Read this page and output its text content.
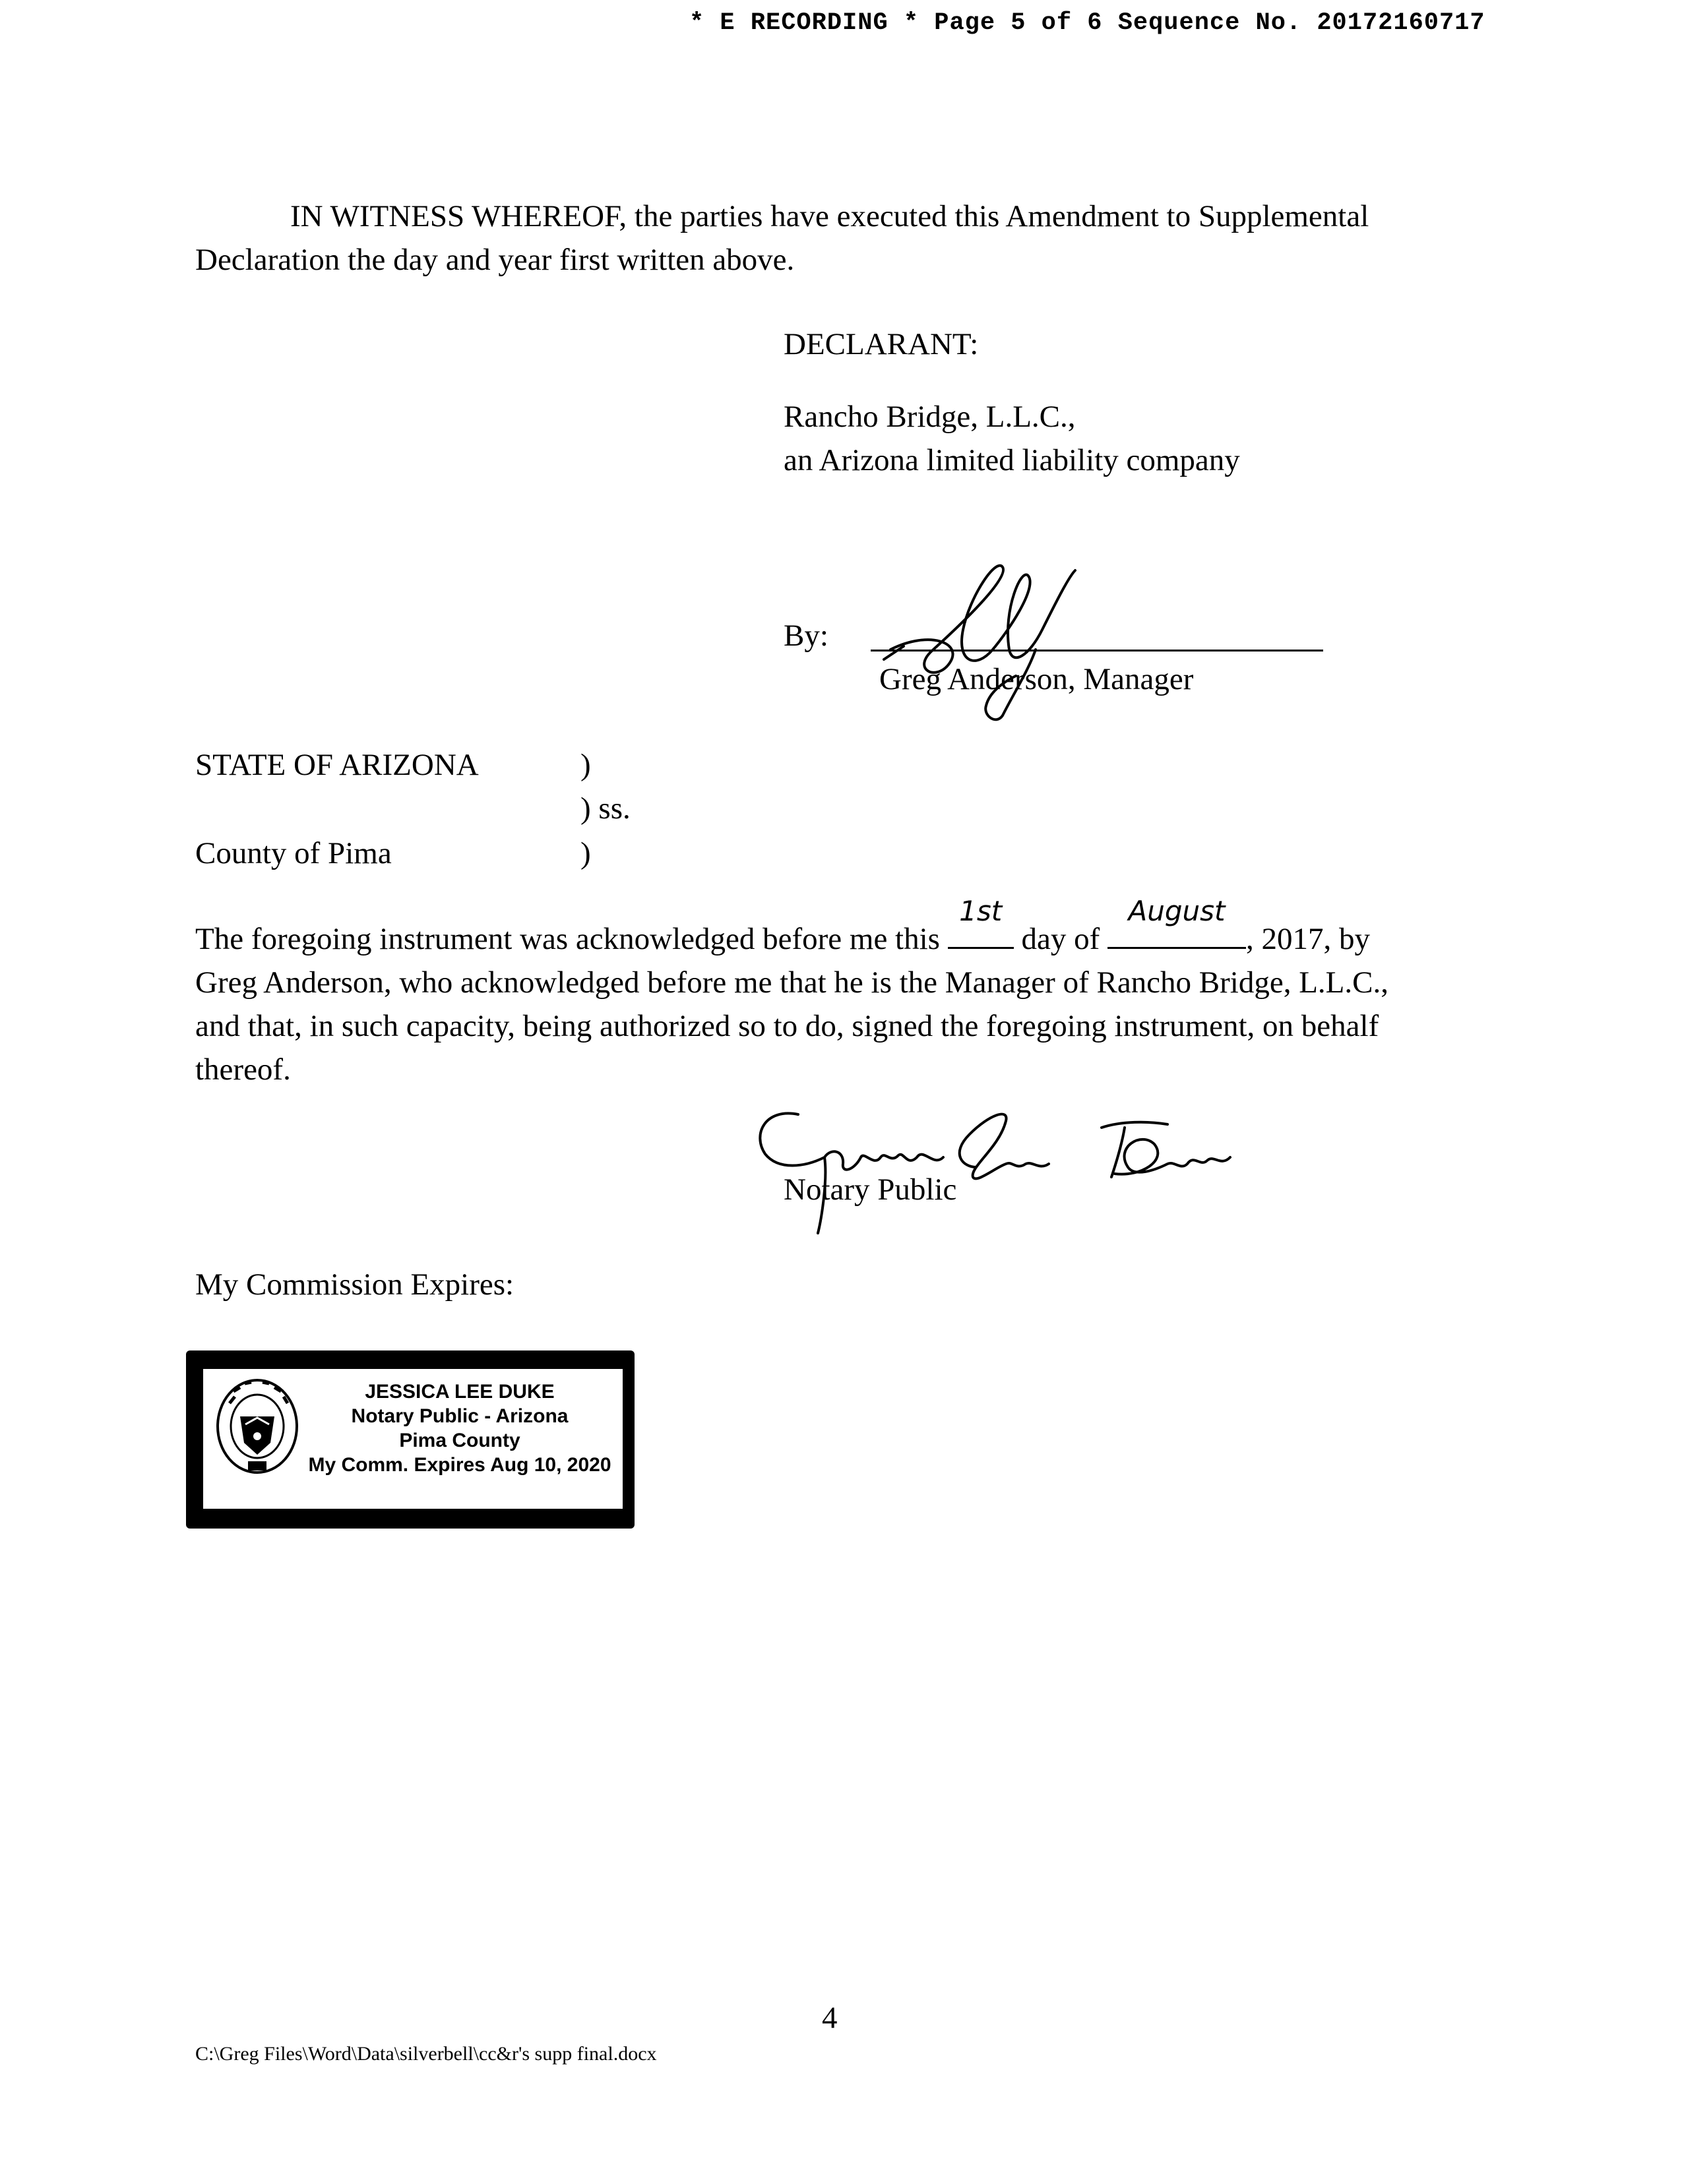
* E RECORDING * Page 5 of 6 Sequence No. 20172160717
IN WITNESS WHEREOF, the parties have executed this Amendment to Supplemental
Declaration the day and year first written above.
DECLARANT:
Rancho Bridge, L.L.C.,
an Arizona limited liability company
By:
Greg Anderson, Manager
STATE OF ARIZONA	)
) ss.
County of Pima	)
The foregoing instrument was acknowledged before me this
1st
day of
August
, 2017, by
Greg Anderson, who acknowledged before me that he is the Manager of Rancho Bridge, L.L.C.,
and that, in such capacity, being authorized so to do, signed the foregoing instrument, on behalf
thereof.
Notary Public
My Commission Expires:
JESSICA LEE DUKE
Notary Public - Arizona
Pima County
My Comm. Expires Aug 10, 2020
4
C:\Greg Files\Word\Data\silverbell\cc&r's supp final.docx
